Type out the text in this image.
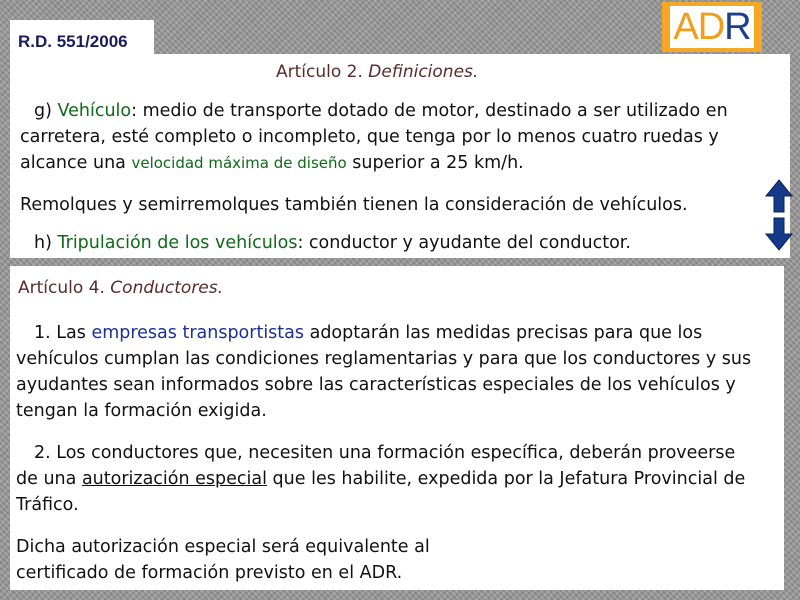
R.D. 551/2006	ADR
Artículo 2. Definiciones.

g) Vehículo: medio de transporte dotado de motor, destinado a ser utilizado en carretera, esté completo o incompleto, que tenga por lo menos cuatro ruedas y alcance una velocidad máxima de diseño superior a 25 km/h.

Remolques y semirremolques también tienen la consideración de vehículos.

h) Tripulación de los vehículos: conductor y ayudante del conductor.

Artículo 4. Conductores.

1. Las empresas transportistas adoptarán las medidas precisas para que los vehículos cumplan las condiciones reglamentarias y para que los conductores y sus ayudantes sean informados sobre las características especiales de los vehículos y tengan la formación exigida.

2. Los conductores que, necesiten una formación específica, deberán proveerse de una autorización especial que les habilite, expedida por la Jefatura Provincial de Tráfico.

Dicha autorización especial será equivalente al
certificado de formación previsto en el ADR.
